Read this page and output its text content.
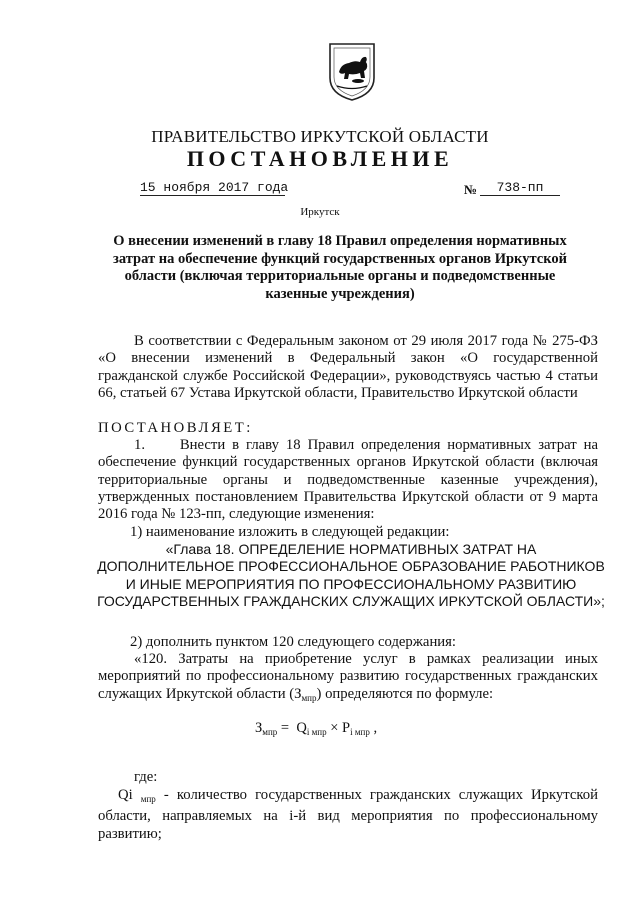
ПРАВИТЕЛЬСТВО ИРКУТСКОЙ ОБЛАСТИ
ПОСТАНОВЛЕНИЕ
15 ноября 2017 года	№	738-пп
Иркутск
О внесении изменений в главу 18 Правил определения нормативных затрат на обеспечение функций государственных органов Иркутской области (включая территориальные органы и подведомственные казенные учреждения)
В соответствии с Федеральным законом от 29 июля 2017 года № 275-ФЗ «О внесении изменений в Федеральный закон «О государственной гражданской службе Российской Федерации», руководствуясь частью 4 статьи 66, статьей 67 Устава Иркутской области, Правительство Иркутской области
ПОСТАНОВЛЯЕТ:
1.     Внести в главу 18 Правил определения нормативных затрат на обеспечение функций государственных органов Иркутской области (включая территориальные органы и подведомственные казенные учреждения), утвержденных постановлением Правительства Иркутской области от 9 марта 2016 года № 123-пп, следующие изменения:
1) наименование изложить в следующей редакции:
«Глава 18. ОПРЕДЕЛЕНИЕ НОРМАТИВНЫХ ЗАТРАТ НА ДОПОЛНИТЕЛЬНОЕ ПРОФЕССИОНАЛЬНОЕ ОБРАЗОВАНИЕ РАБОТНИКОВ И ИНЫЕ МЕРОПРИЯТИЯ ПО ПРОФЕССИОНАЛЬНОМУ РАЗВИТИЮ ГОСУДАРСТВЕННЫХ ГРАЖДАНСКИХ СЛУЖАЩИХ ИРКУТСКОЙ ОБЛАСТИ»;
2) дополнить пунктом 120 следующего содержания:
«120. Затраты на приобретение услуг в рамках реализации иных мероприятий по профессиональному развитию государственных гражданских служащих Иркутской области $(З_{мпр})$ определяются по формуле:
$З_{мпр} = Q_{i мпр} \times P_{i мпр}$ ,
где:
Qi $_{мпр}$ - количество государственных гражданских служащих Иркутской области, направляемых на i-й вид мероприятия по профессиональному развитию;
